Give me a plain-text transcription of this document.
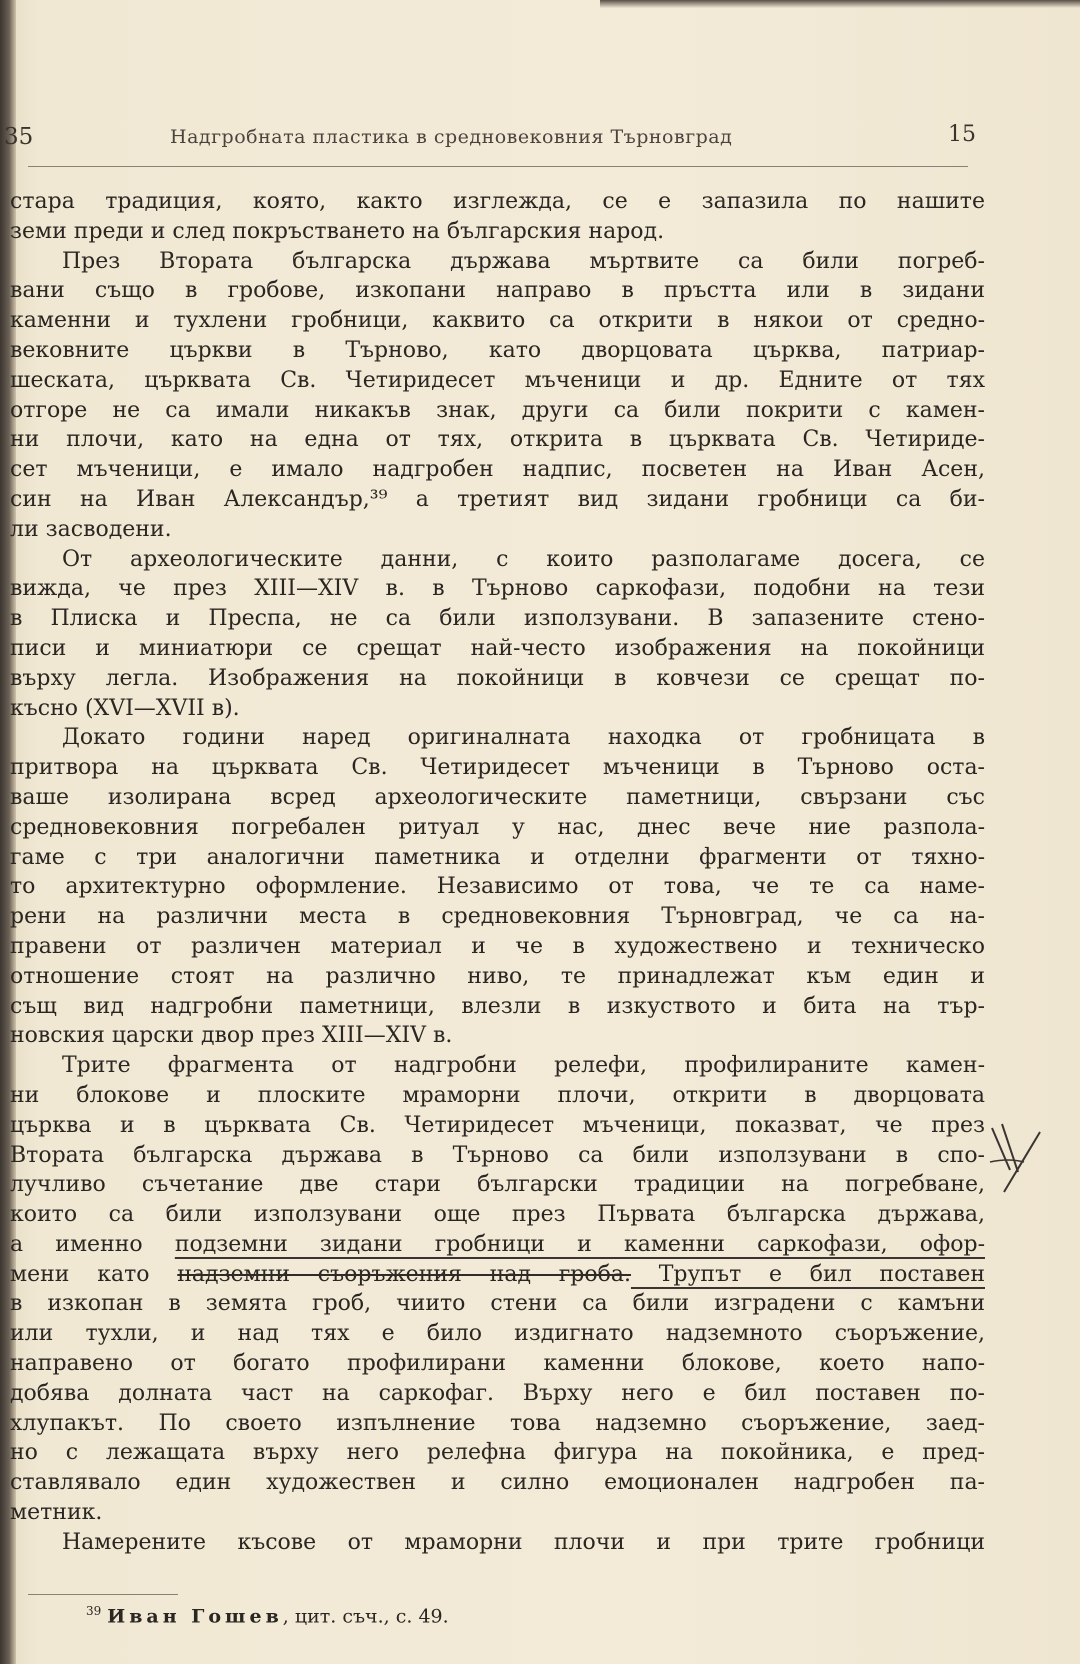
35	Надгробната пластика в средновековния Търновград	15
стара традиция, която, както изглежда, се е запазила по нашите
земи преди и след покръстването на българския народ.
През Втората българска държава мъртвите са били погреб-
вани също в гробове, изкопани направо в пръстта или в зидани
каменни и тухлени гробници, каквито са открити в някои от средно-
вековните църкви в Търново, като дворцовата църква, патриар-
шеската, църквата Св. Четиридесет мъченици и др. Едните от тях
отгоре не са имали никакъв знак, други са били покрити с камен-
ни плочи, като на една от тях, открита в църквата Св. Четириде-
сет мъченици, е имало надгробен надпис, посветен на Иван Асен,
син на Иван Александър,³⁹ а третият вид зидани гробници са би-
ли засводени.
От археологическите данни, с които разполагаме досега, се
вижда, че през XIII—XIV в. в Търново саркофази, подобни на тези
в Плиска и Преспа, не са били използувани. В запазените стено-
писи и миниатюри се срещат най-често изображения на покойници
върху легла. Изображения на покойници в ковчези се срещат по-
късно (XVI—XVII в).
Докато години наред оригиналната находка от гробницата в
притвора на църквата Св. Четиридесет мъченици в Търново оста-
ваше изолирана всред археологическите паметници, свързани със
средновековния погребален ритуал у нас, днес вече ние разпола-
гаме с три аналогични паметника и отделни фрагменти от тяхно-
то архитектурно оформление. Независимо от това, че те са наме-
рени на различни места в средновековния Търновград, че са на-
правени от различен материал и че в художествено и техническо
отношение стоят на различно ниво, те принадлежат към един и
същ вид надгробни паметници, влезли в изкуството и бита на тър-
новския царски двор през XIII—XIV в.
Трите фрагмента от надгробни релефи, профилираните камен-
ни блокове и плоските мраморни плочи, открити в дворцовата
църква и в църквата Св. Четиридесет мъченици, показват, че през
Втората българска държава в Търново са били използувани в спо-
лучливо съчетание две стари български традиции на погребване,
които са били използувани още през Първата българска държава,
а именно подземни зидани гробници и каменни саркофази, офор-
мени като надземни съоръжения над гроба. Трупът е бил поставен
в изкопан в земята гроб, чиито стени са били изградени с камъни
или тухли, и над тях е било издигнато надземното съоръжение,
направено от богато профилирани каменни блокове, което напо-
добява долната част на саркофаг. Върху него е бил поставен по-
хлупакът. По своето изпълнение това надземно съоръжение, заед-
но с лежащата върху него релефна фигура на покойника, е пред-
ставлявало един художествен и силно емоционален надгробен па-
метник.
Намерените късове от мраморни плочи и при трите гробници
$^{39}$ Иван Гошев, цит. съч., с. 49.
